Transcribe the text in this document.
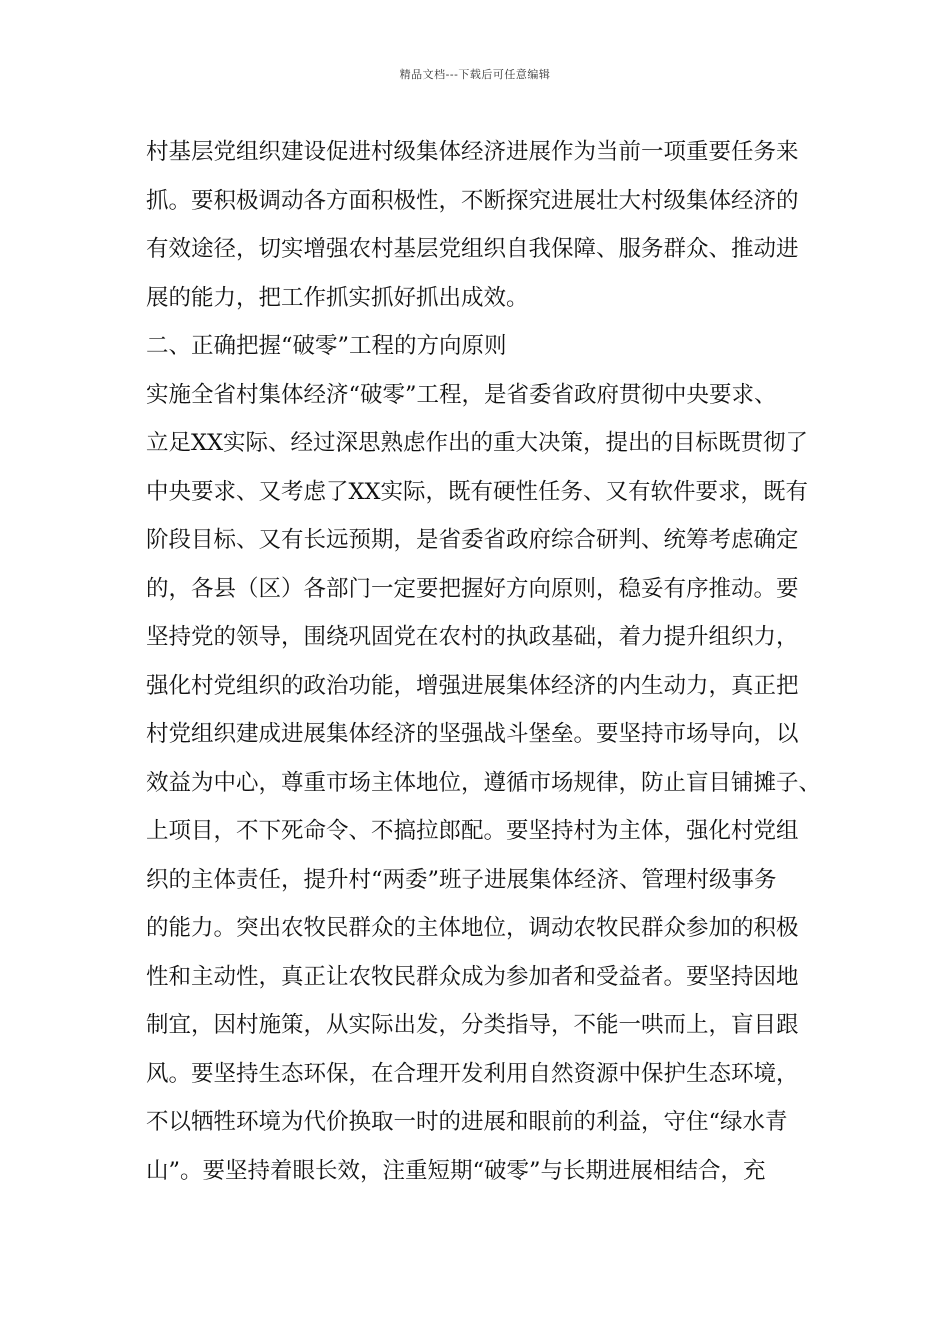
精品文档---下载后可任意编辑
村基层党组织建设促进村级集体经济进展作为当前一项重要任务来
抓。要积极调动各方面积极性，不断探究进展壮大村级集体经济的
有效途径，切实增强农村基层党组织自我保障、服务群众、推动进
展的能力，把工作抓实抓好抓出成效。
二、正确把握“破零”工程的方向原则
实施全省村集体经济“破零”工程，是省委省政府贯彻中央要求、
立足XX实际、经过深思熟虑作出的重大决策，提出的目标既贯彻了
中央要求、又考虑了XX实际，既有硬性任务、又有软件要求，既有
阶段目标、又有长远预期，是省委省政府综合研判、统筹考虑确定
的，各县（区）各部门一定要把握好方向原则，稳妥有序推动。要
坚持党的领导，围绕巩固党在农村的执政基础，着力提升组织力，
强化村党组织的政治功能，增强进展集体经济的内生动力，真正把
村党组织建成进展集体经济的坚强战斗堡垒。要坚持市场导向，以
效益为中心，尊重市场主体地位，遵循市场规律，防止盲目铺摊子、
上项目，不下死命令、不搞拉郎配。要坚持村为主体，强化村党组
织的主体责任，提升村“两委”班子进展集体经济、管理村级事务
的能力。突出农牧民群众的主体地位，调动农牧民群众参加的积极
性和主动性，真正让农牧民群众成为参加者和受益者。要坚持因地
制宜，因村施策，从实际出发，分类指导，不能一哄而上，盲目跟
风。要坚持生态环保，在合理开发利用自然资源中保护生态环境，
不以牺牲环境为代价换取一时的进展和眼前的利益，守住“绿水青
山”。要坚持着眼长效，注重短期“破零”与长期进展相结合，充
